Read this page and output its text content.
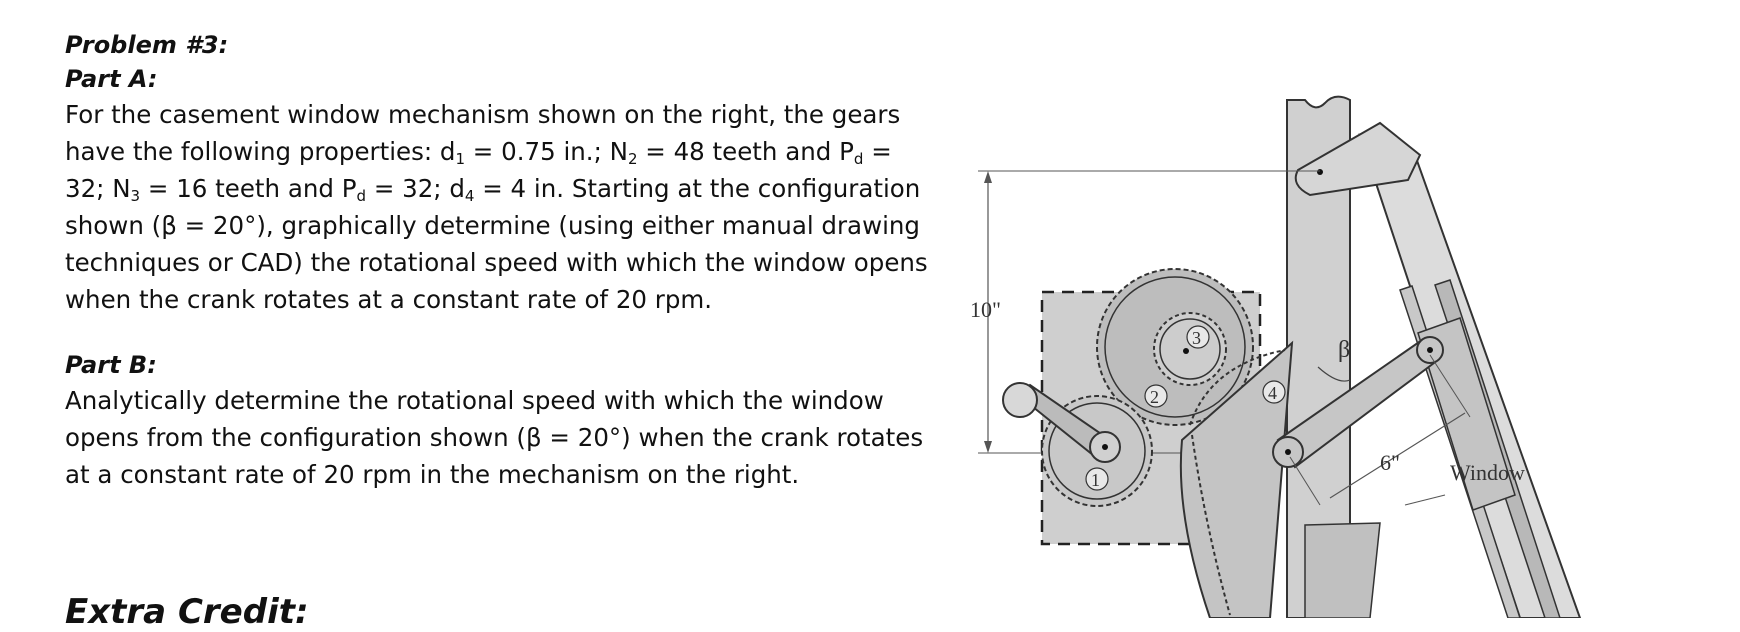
Problem #3:

Part A:

For the casement window mechanism shown on the right, the gears

have the following properties: $d_1 = 0.75$ in.; $N_2 = 48$ teeth and $P_d$ =

32; $N_3 = 16$ teeth and $P_d = 32$; $d_4 = 4$ in. Starting at the configuration

shown (β = 20°), graphically determine (using either manual drawing

techniques or CAD) the rotational speed with which the window opens

when the crank rotates at a constant rate of 20 rpm.

Part B:

Analytically determine the rotational speed with which the window

opens from the configuration shown (β = 20°) when the crank rotates

at a constant rate of 20 rpm in the mechanism on the right.

Extra Credit:
10"
6"
β
Window
1
2
3
4
